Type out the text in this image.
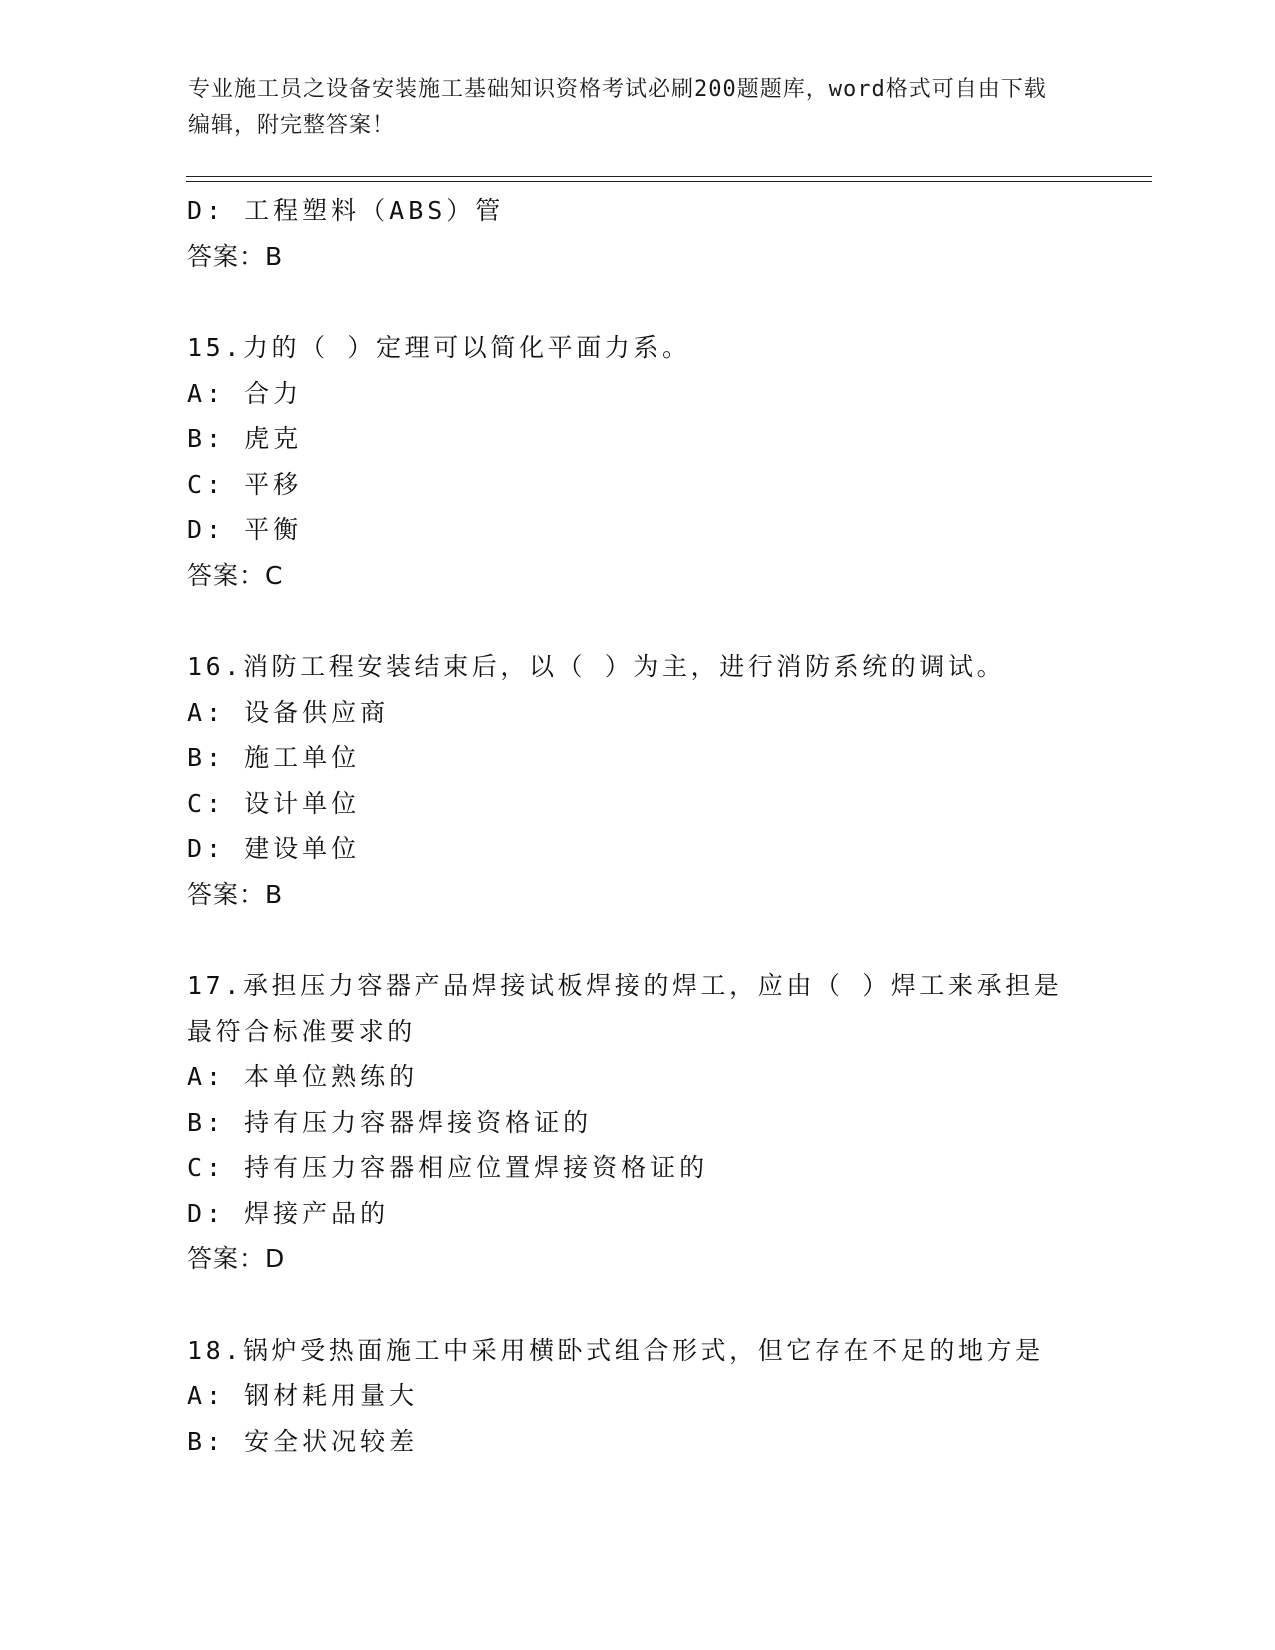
专业施工员之设备安装施工基础知识资格考试必刷200题题库，word格式可自由下载编辑，附完整答案！
D: 工程塑料（ABS）管
答案：B
15.力的（ ）定理可以简化平面力系。
A: 合力
B: 虎克
C: 平移
D: 平衡
答案：C
16.消防工程安装结束后，以（ ）为主，进行消防系统的调试。
A: 设备供应商
B: 施工单位
C: 设计单位
D: 建设单位
答案：B
17.承担压力容器产品焊接试板焊接的焊工，应由（ ）焊工来承担是最符合标准要求的
A: 本单位熟练的
B: 持有压力容器焊接资格证的
C: 持有压力容器相应位置焊接资格证的
D: 焊接产品的
答案：D
18.锅炉受热面施工中采用横卧式组合形式，但它存在不足的地方是
A: 钢材耗用量大
B: 安全状况较差
